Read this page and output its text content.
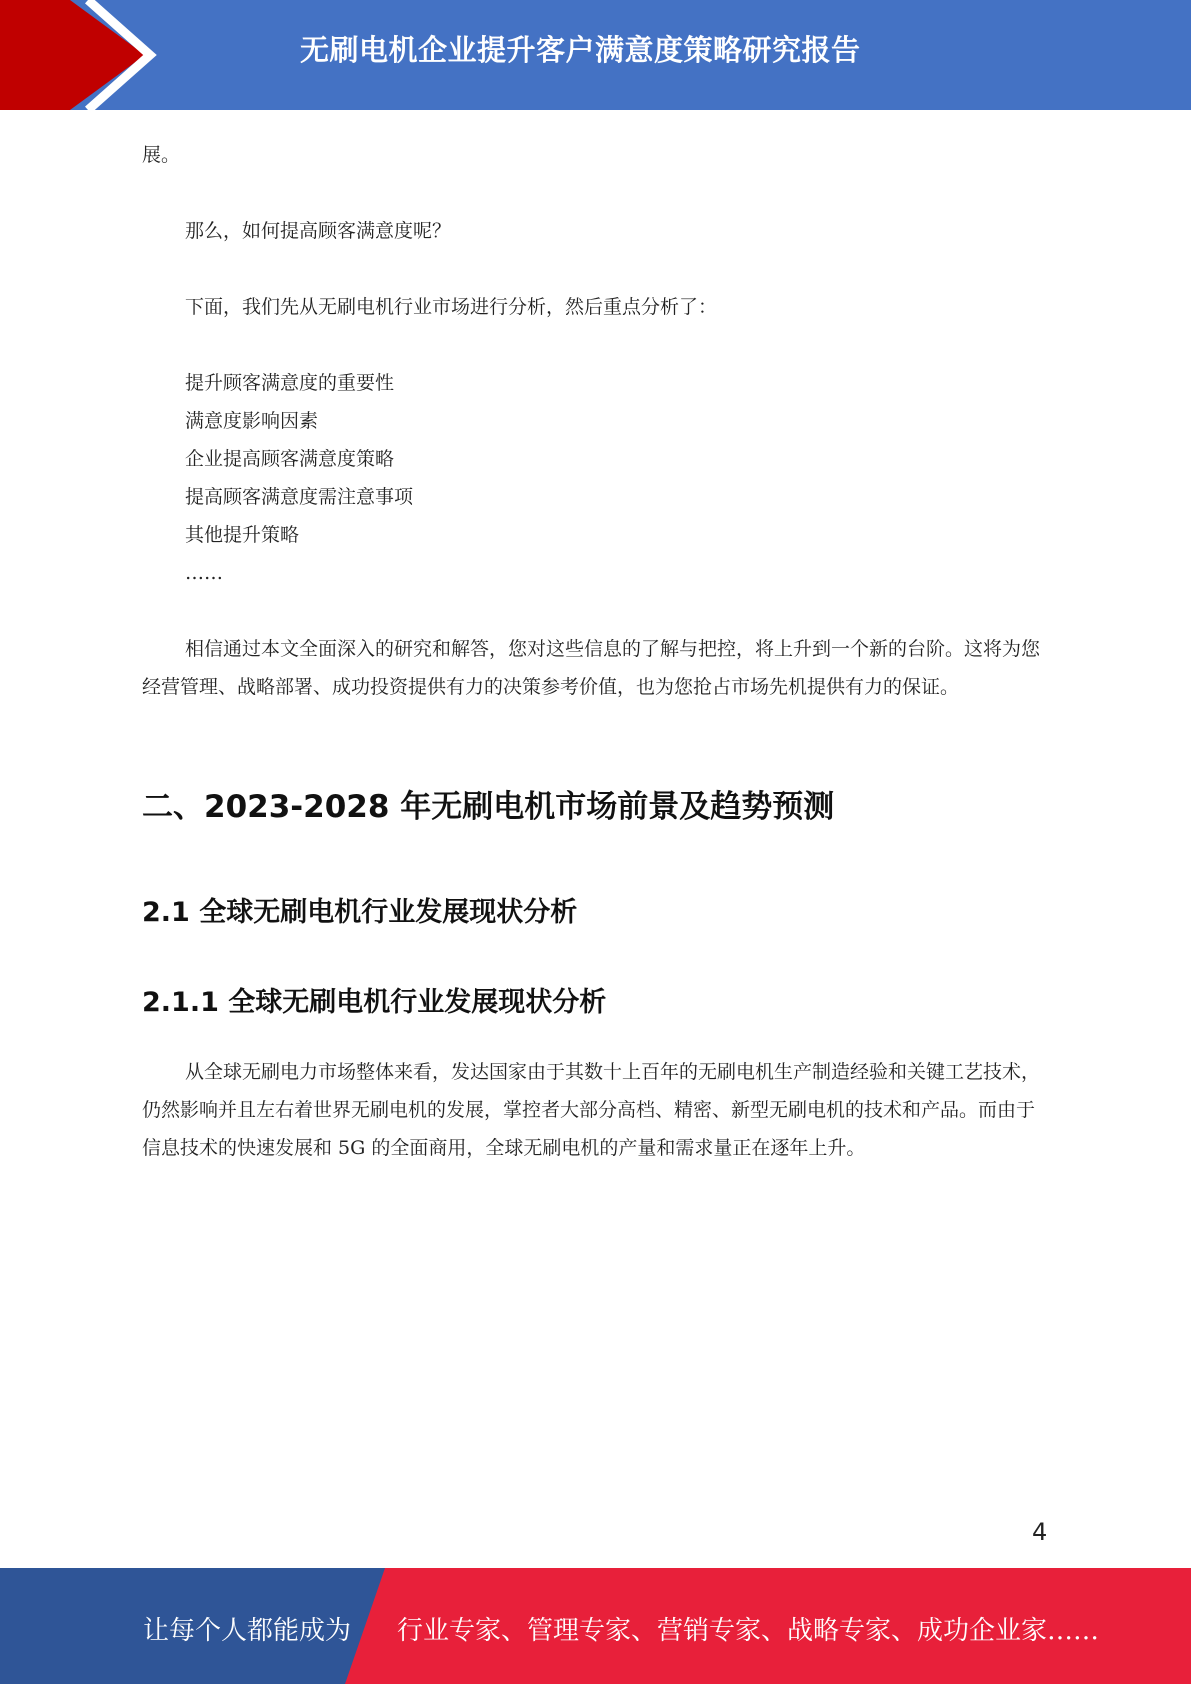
无刷电机企业提升客户满意度策略研究报告

展。

那么，如何提高顾客满意度呢？

下面，我们先从无刷电机行业市场进行分析，然后重点分析了：

提升顾客满意度的重要性

满意度影响因素

企业提高顾客满意度策略

提高顾客满意度需注意事项

其他提升策略

……

相信通过本文全面深入的研究和解答，您对这些信息的了解与把控，将上升到一个新的台阶。这将为您经营管理、战略部署、成功投资提供有力的决策参考价值，也为您抢占市场先机提供有力的保证。

二、2023-2028 年无刷电机市场前景及趋势预测
2.1 全球无刷电机行业发展现状分析
2.1.1 全球无刷电机行业发展现状分析

从全球无刷电力市场整体来看，发达国家由于其数十上百年的无刷电机生产制造经验和关键工艺技术，仍然影响并且左右着世界无刷电机的发展，掌控者大部分高档、精密、新型无刷电机的技术和产品。而由于信息技术的快速发展和 5G 的全面商用，全球无刷电机的产量和需求量正在逐年上升。

4
让每个人都能成为 行业专家、管理专家、营销专家、战略专家、成功企业家……
